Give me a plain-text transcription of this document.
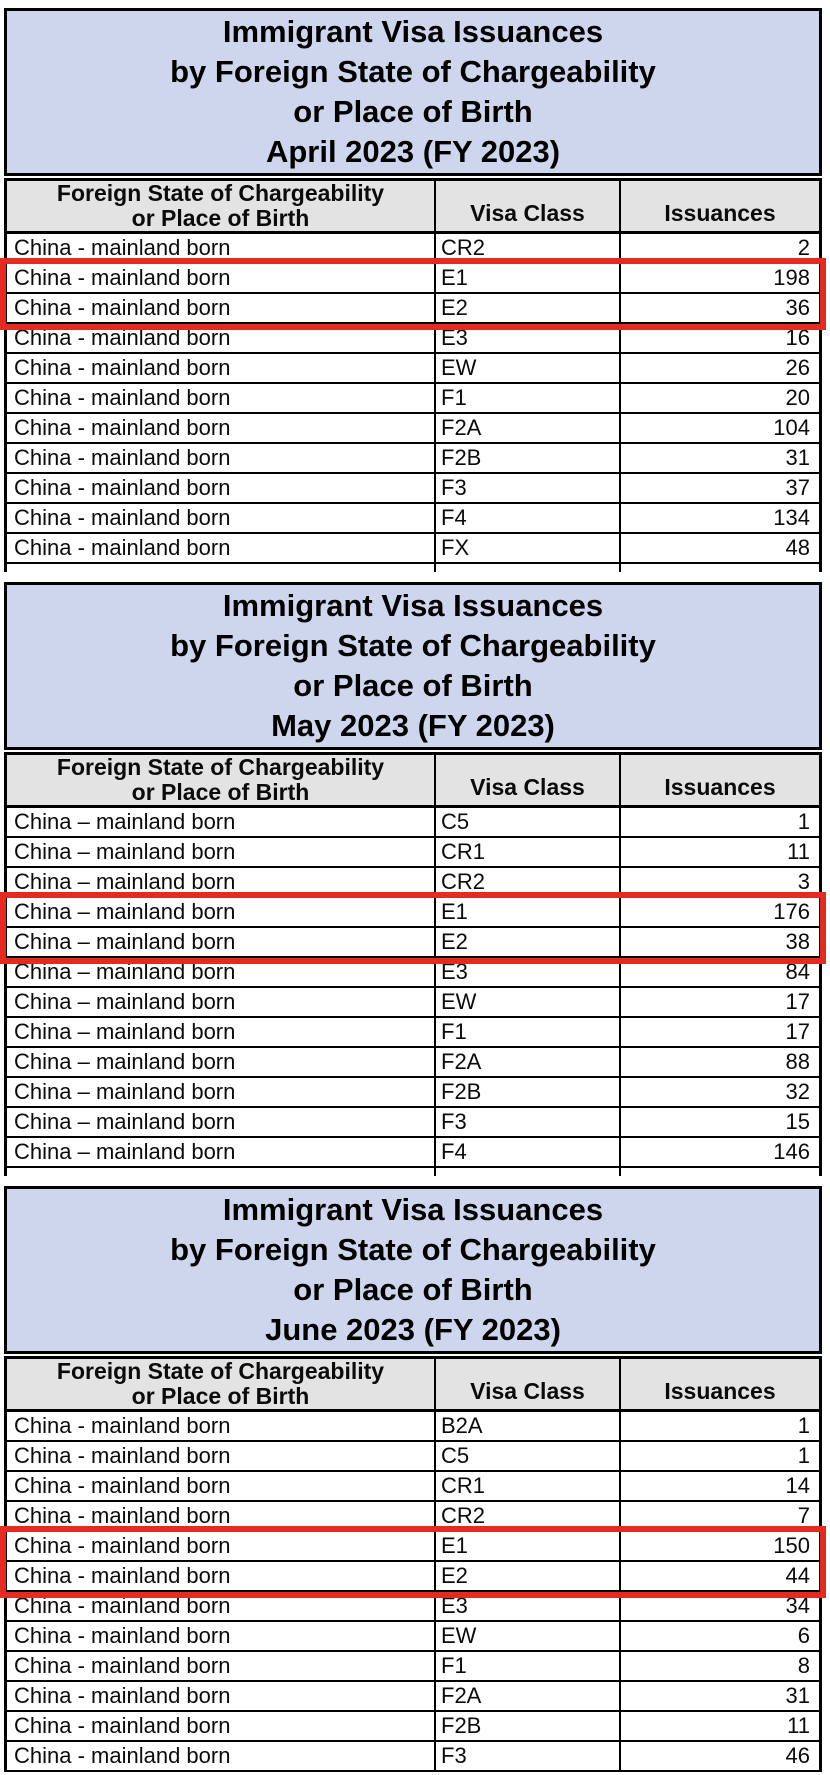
Immigrant Visa Issuances
by Foreign State of Chargeability
or Place of Birth
April 2023 (FY 2023)
Foreign State of Chargeability
or Place of Birth	Visa Class	Issuances
China - mainland born	CR2	2
China - mainland born	E1	198
China - mainland born	E2	36
China - mainland born	E3	16
China - mainland born	EW	26
China - mainland born	F1	20
China - mainland born	F2A	104
China - mainland born	F2B	31
China - mainland born	F3	37
China - mainland born	F4	134
China - mainland born	FX	48
Immigrant Visa Issuances
by Foreign State of Chargeability
or Place of Birth
May 2023 (FY 2023)
Foreign State of Chargeability
or Place of Birth	Visa Class	Issuances
China – mainland born	C5	1
China – mainland born	CR1	11
China – mainland born	CR2	3
China – mainland born	E1	176
China – mainland born	E2	38
China – mainland born	E3	84
China – mainland born	EW	17
China – mainland born	F1	17
China – mainland born	F2A	88
China – mainland born	F2B	32
China – mainland born	F3	15
China – mainland born	F4	146
Immigrant Visa Issuances
by Foreign State of Chargeability
or Place of Birth
June 2023 (FY 2023)
Foreign State of Chargeability
or Place of Birth	Visa Class	Issuances
China - mainland born	B2A	1
China - mainland born	C5	1
China - mainland born	CR1	14
China - mainland born	CR2	7
China - mainland born	E1	150
China - mainland born	E2	44
China - mainland born	E3	34
China - mainland born	EW	6
China - mainland born	F1	8
China - mainland born	F2A	31
China - mainland born	F2B	11
China - mainland born	F3	46
